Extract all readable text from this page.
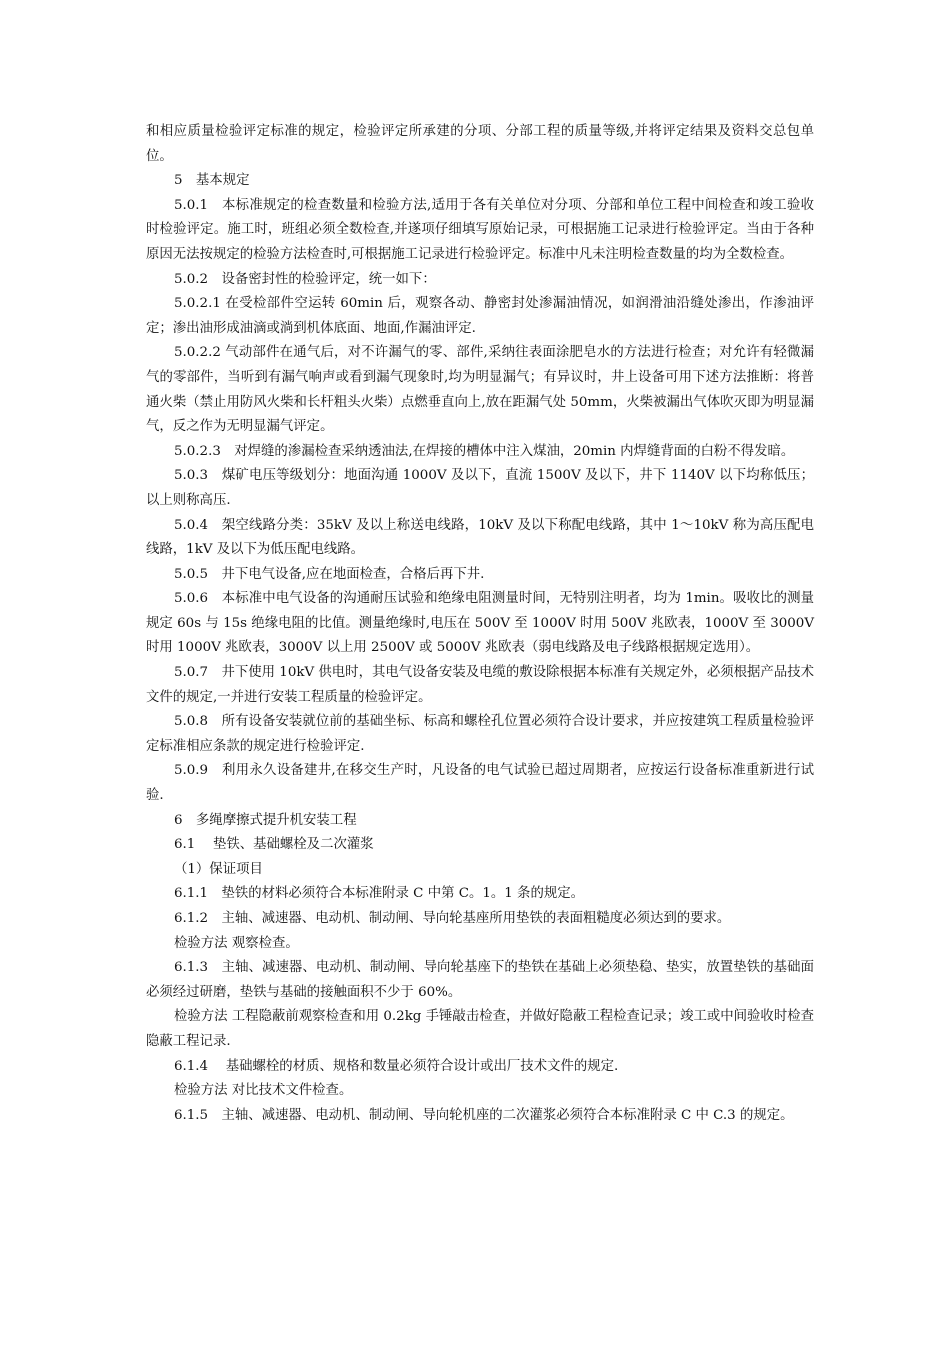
和相应质量检验评定标准的规定，检验评定所承建的分项、分部工程的质量等级,并将评定结果及资料交总包单位。

5　基本规定

5.0.1　本标准规定的检查数量和检验方法,适用于各有关单位对分项、分部和单位工程中间检查和竣工验收时检验评定。施工时，班组必须全数检查,并遂项仔细填写原始记录，可根据施工记录进行检验评定。当由于各种原因无法按规定的检验方法检查时,可根据施工记录进行检验评定。标准中凡未注明检查数量的均为全数检查。

5.0.2　设备密封性的检验评定，统一如下：

5.0.2.1 在受检部件空运转 60min 后，观察各动、静密封处渗漏油情况，如润滑油沿缝处渗出，作渗油评定；渗出油形成油滴或淌到机体底面、地面,作漏油评定.

5.0.2.2 气动部件在通气后，对不许漏气的零、部件,采纳往表面涂肥皂水的方法进行检查；对允许有轻微漏气的零部件，当听到有漏气响声或看到漏气现象时,均为明显漏气；有异议时，井上设备可用下述方法推断：将普通火柴（禁止用防风火柴和长杆粗头火柴）点燃垂直向上,放在距漏气处 50mm，火柴被漏出气体吹灭即为明显漏气，反之作为无明显漏气评定。

5.0.2.3　对焊缝的渗漏检查采纳透油法,在焊接的槽体中注入煤油，20min 内焊缝背面的白粉不得发暗。

5.0.3　煤矿电压等级划分：地面沟通 1000V 及以下，直流 1500V 及以下，井下 1140V 以下均称低压；以上则称高压.

5.0.4　架空线路分类：35kV 及以上称送电线路，10kV 及以下称配电线路，其中 1～10kV 称为高压配电线路，1kV 及以下为低压配电线路。

5.0.5　井下电气设备,应在地面检查，合格后再下井.

5.0.6　本标准中电气设备的沟通耐压试验和绝缘电阻测量时间，无特别注明者，均为 1min。吸收比的测量规定 60s 与 15s 绝缘电阻的比值。测量绝缘时,电压在 500V 至 1000V 时用 500V 兆欧表，1000V 至 3000V 时用 1000V 兆欧表，3000V 以上用 2500V 或 5000V 兆欧表（弱电线路及电子线路根据规定选用）。

5.0.7　井下使用 10kV 供电时，其电气设备安装及电缆的敷设除根据本标准有关规定外，必须根据产品技术文件的规定,一并进行安装工程质量的检验评定。

5.0.8　所有设备安装就位前的基础坐标、标高和螺栓孔位置必须符合设计要求，并应按建筑工程质量检验评定标准相应条款的规定进行检验评定.

5.0.9　利用永久设备建井,在移交生产时，凡设备的电气试验已超过周期者，应按运行设备标准重新进行试验.

6　多绳摩擦式提升机安装工程

6.1　 垫铁、基础螺栓及二次灌浆

（1）保证项目

6.1.1　垫铁的材料必须符合本标准附录 C 中第 C。1。1 条的规定。

6.1.2　主轴、减速器、电动机、制动闸、导向轮基座所用垫铁的表面粗糙度必须达到的要求。

检验方法 观察检查。

6.1.3　主轴、减速器、电动机、制动闸、导向轮基座下的垫铁在基础上必须垫稳、垫实，放置垫铁的基础面必须经过研磨，垫铁与基础的接触面积不少于 60%。

检验方法 工程隐蔽前观察检查和用 0.2kg 手锤敲击检查，并做好隐蔽工程检查记录；竣工或中间验收时检查隐蔽工程记录.

6.1.4　 基础螺栓的材质、规格和数量必须符合设计或出厂技术文件的规定.

检验方法 对比技术文件检查。

6.1.5　主轴、减速器、电动机、制动闸、导向轮机座的二次灌浆必须符合本标准附录 C 中 C.3 的规定。
